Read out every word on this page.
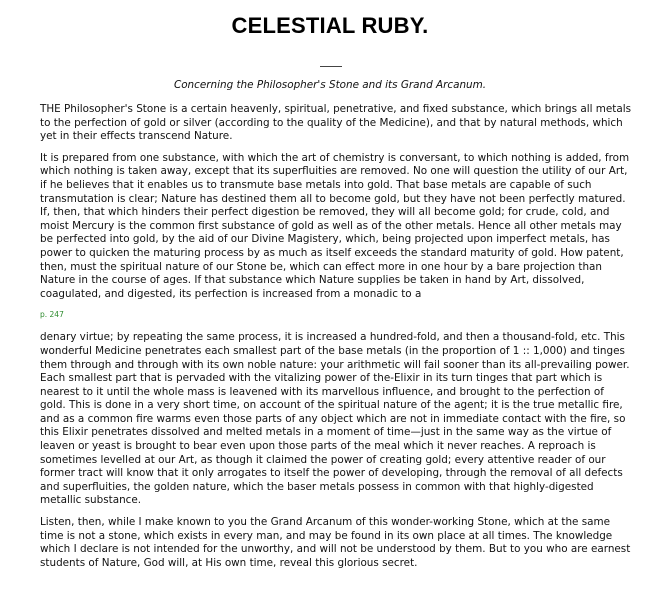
CELESTIAL RUBY.

Concerning the Philosopher's Stone and its Grand Arcanum.

THE Philosopher's Stone is a certain heavenly, spiritual, penetrative, and fixed substance, which brings all metals to the perfection of gold or silver (according to the quality of the Medicine), and that by natural methods, which yet in their effects transcend Nature.

It is prepared from one substance, with which the art of chemistry is conversant, to which nothing is added, from which nothing is taken away, except that its superfluities are removed. No one will question the utility of our Art, if he believes that it enables us to transmute base metals into gold. That base metals are capable of such transmutation is clear; Nature has destined them all to become gold, but they have not been perfectly matured. If, then, that which hinders their perfect digestion be removed, they will all become gold; for crude, cold, and moist Mercury is the common first substance of gold as well as of the other metals. Hence all other metals may be perfected into gold, by the aid of our Divine Magistery, which, being projected upon imperfect metals, has power to quicken the maturing process by as much as itself exceeds the standard maturity of gold. How patent, then, must the spiritual nature of our Stone be, which can effect more in one hour by a bare projection than Nature in the course of ages. If that substance which Nature supplies be taken in hand by Art, dissolved, coagulated, and digested, its perfection is increased from a monadic to a

p. 247

denary virtue; by repeating the same process, it is increased a hundred-fold, and then a thousand-fold, etc. This wonderful Medicine penetrates each smallest part of the base metals (in the proportion of 1 :: 1,000) and tinges them through and through with its own noble nature: your arithmetic will fail sooner than its all-prevailing power. Each smallest part that is pervaded with the vitalizing power of the-Elixir in its turn tinges that part which is nearest to it until the whole mass is leavened with its marvellous influence, and brought to the perfection of gold. This is done in a very short time, on account of the spiritual nature of the agent; it is the true metallic fire, and as a common fire warms even those parts of any object which are not in immediate contact with the fire, so this Elixir penetrates dissolved and melted metals in a moment of time—just in the same way as the virtue of leaven or yeast is brought to bear even upon those parts of the meal which it never reaches. A reproach is sometimes levelled at our Art, as though it claimed the power of creating gold; every attentive reader of our former tract will know that it only arrogates to itself the power of developing, through the removal of all defects and superfluities, the golden nature, which the baser metals possess in common with that highly-digested metallic substance.

Listen, then, while I make known to you the Grand Arcanum of this wonder-working Stone, which at the same time is not a stone, which exists in every man, and may be found in its own place at all times. The knowledge which I declare is not intended for the unworthy, and will not be understood by them. But to you who are earnest students of Nature, God will, at His own time, reveal this glorious secret.
